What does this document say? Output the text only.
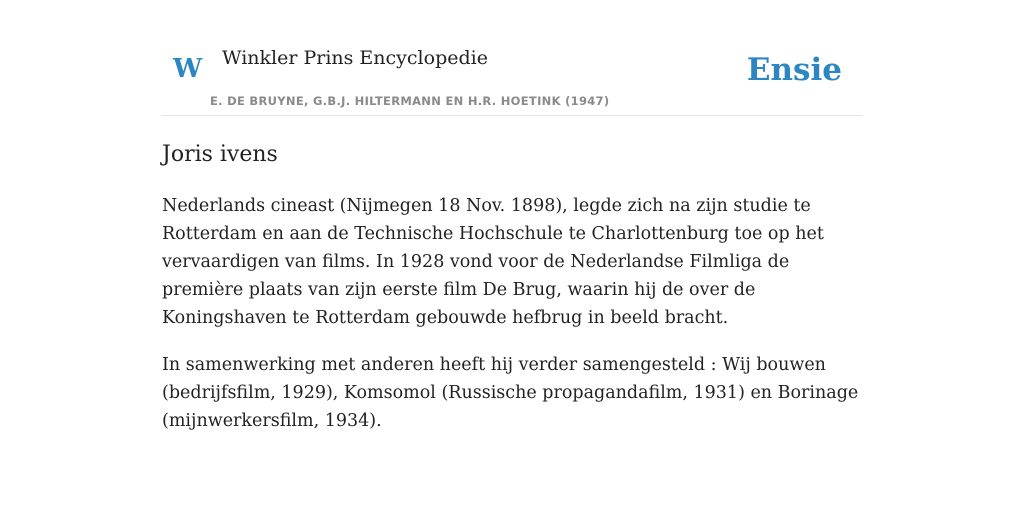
W Winkler Prins Encyclopedie
E. DE BRUYNE, G.B.J. HILTERMANN EN H.R. HOETINK (1947)
Ensie
Joris ivens

Nederlands cineast (Nijmegen 18 Nov. 1898), legde zich na zijn studie te Rotterdam en aan de Technische Hochschule te Charlottenburg toe op het vervaardigen van films. In 1928 vond voor de Nederlandse Filmliga de première plaats van zijn eerste film De Brug, waarin hij de over de Koningshaven te Rotterdam gebouwde hefbrug in beeld bracht.

In samenwerking met anderen heeft hij verder samengesteld : Wij bouwen (bedrijfsfilm, 1929), Komsomol (Russische propagandafilm, 1931) en Borinage (mijnwerkersfilm, 1934).
